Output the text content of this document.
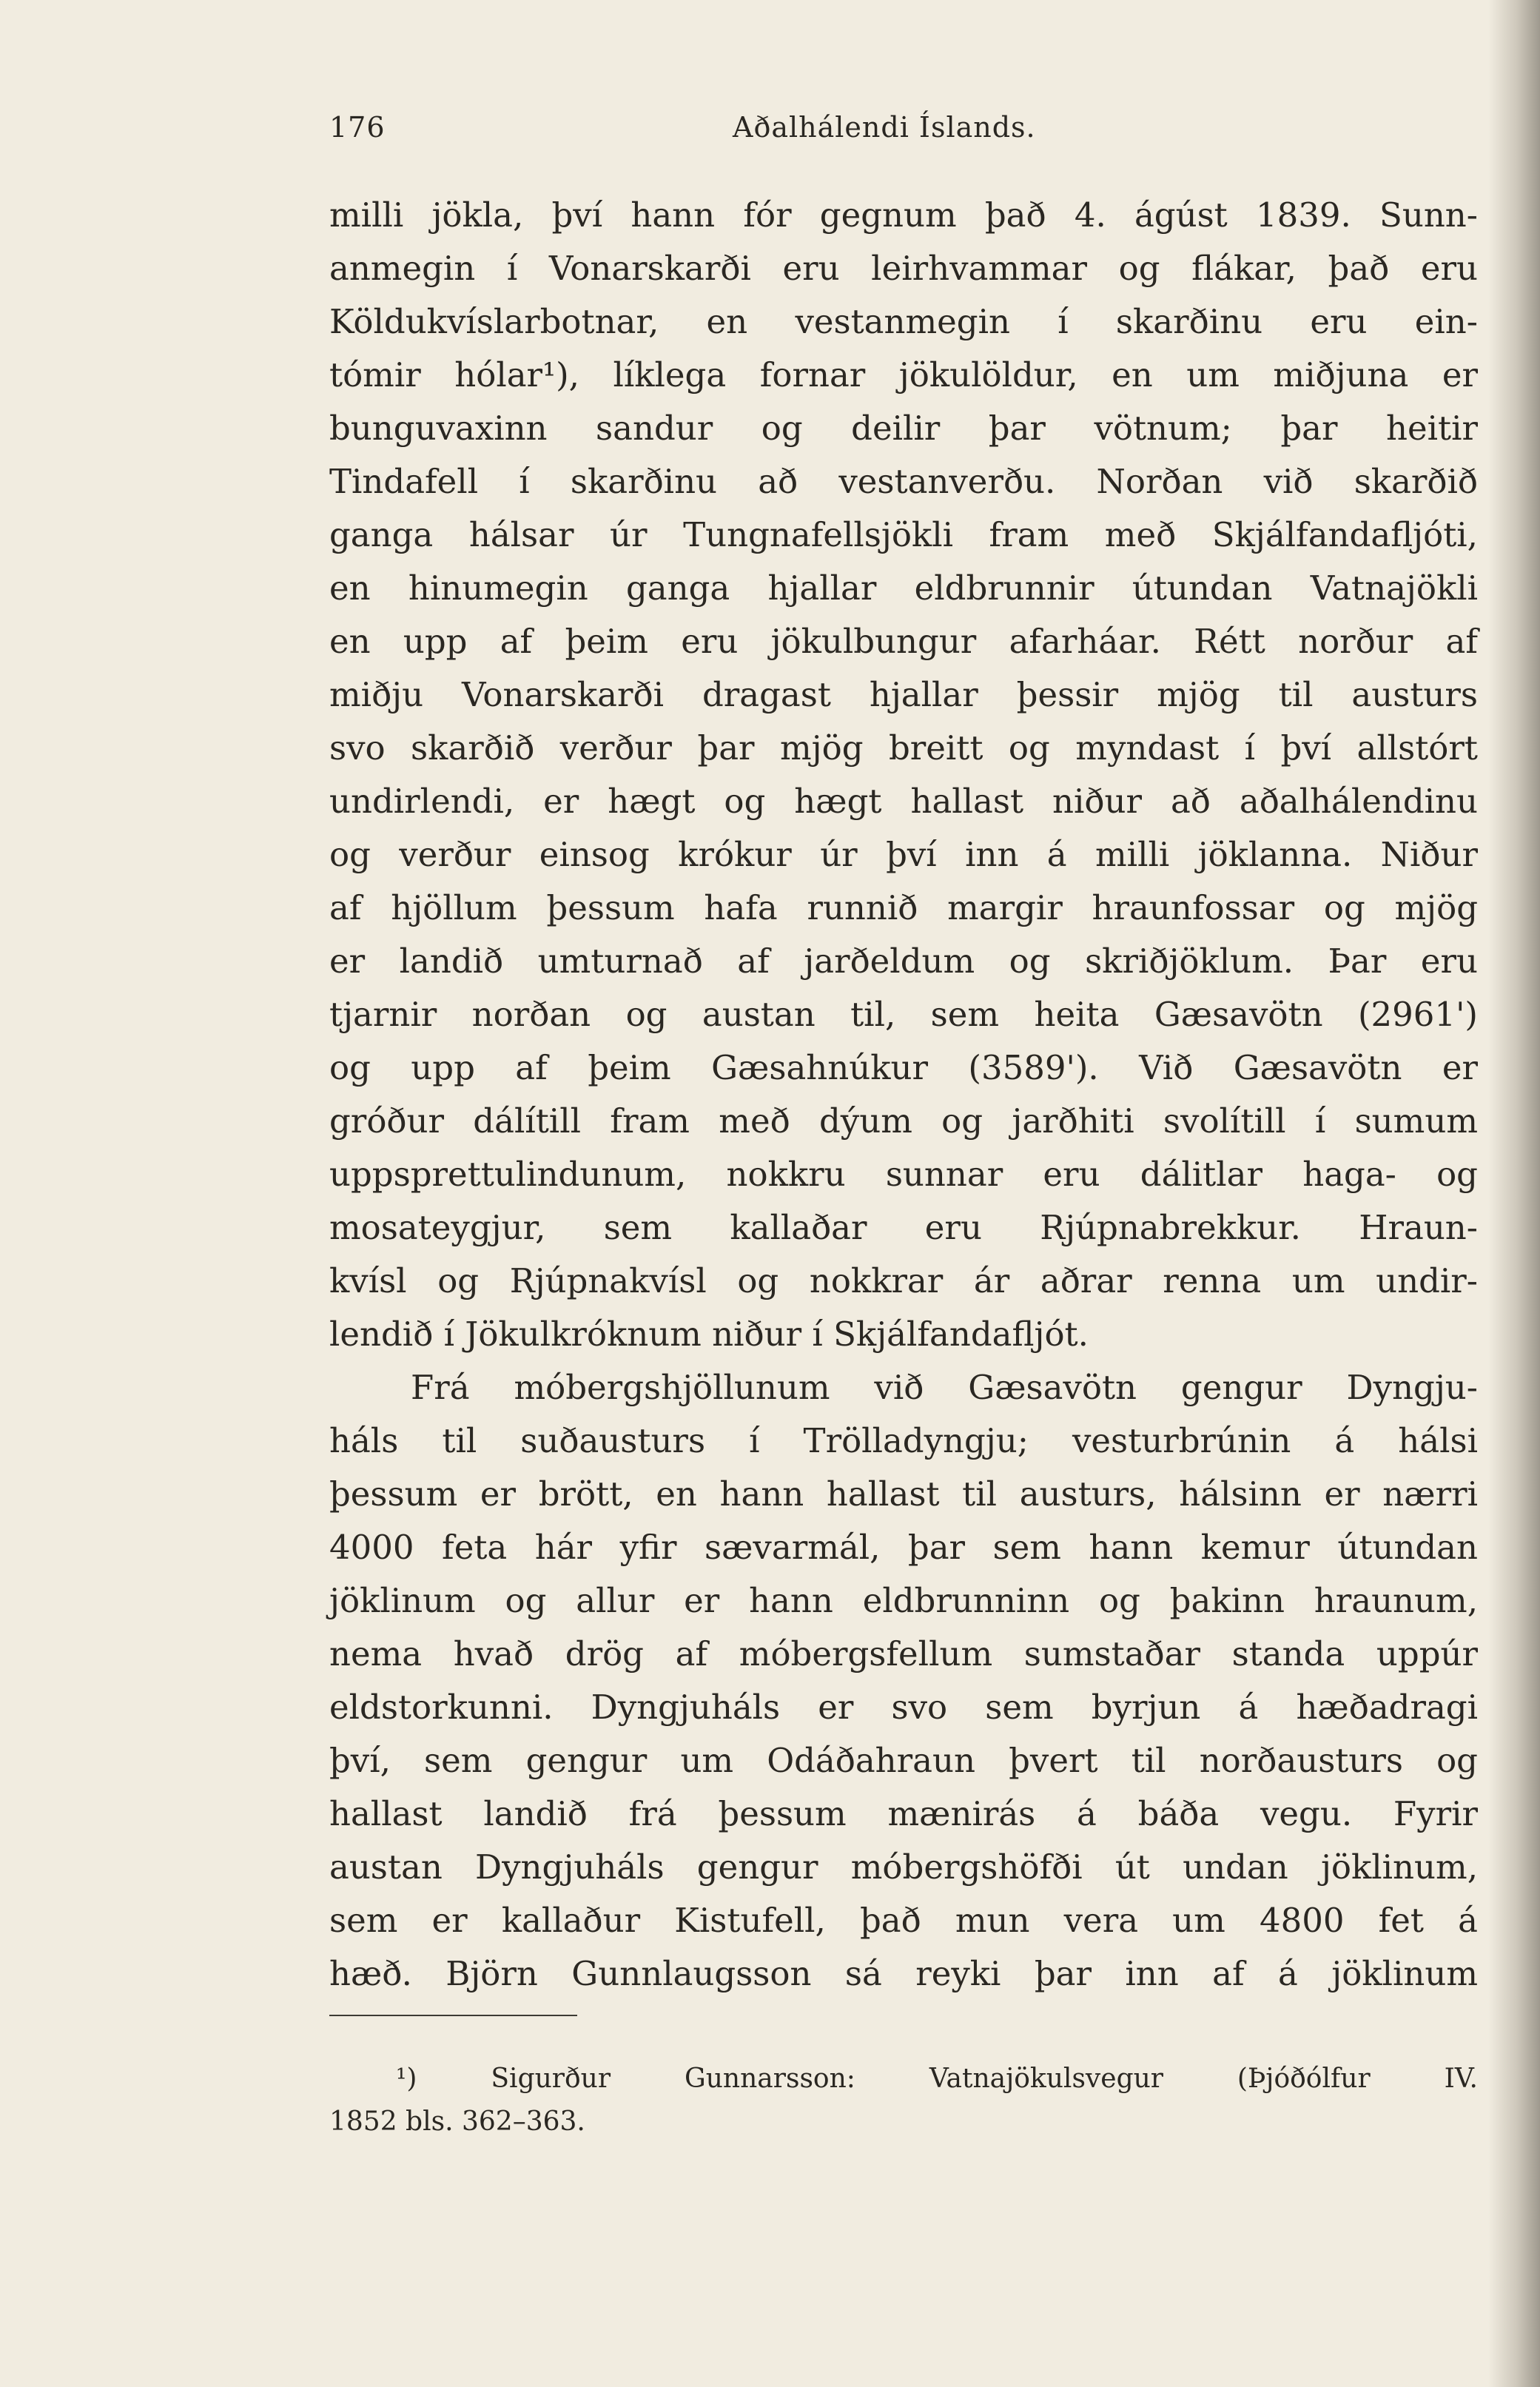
176	Aðalhálendi Íslands.
milli jökla, því hann fór gegnum það 4. ágúst 1839. Sunn-
anmegin í Vonarskarði eru leirhvammar og flákar, það eru
Köldukvíslarbotnar, en vestanmegin í skarðinu eru ein-
tómir hólar¹), líklega fornar jökulöldur, en um miðjuna er
bunguvaxinn sandur og deilir þar vötnum; þar heitir
Tindafell í skarðinu að vestanverðu. Norðan við skarðið
ganga hálsar úr Tungnafellsjökli fram með Skjálfandafljóti,
en hinumegin ganga hjallar eldbrunnir útundan Vatnajökli
en upp af þeim eru jökulbungur afarháar. Rétt norður af
miðju Vonarskarði dragast hjallar þessir mjög til austurs
svo skarðið verður þar mjög breitt og myndast í því allstórt
undirlendi, er hægt og hægt hallast niður að aðalhálendinu
og verður einsog krókur úr því inn á milli jöklanna. Niður
af hjöllum þessum hafa runnið margir hraunfossar og mjög
er landið umturnað af jarðeldum og skriðjöklum. Þar eru
tjarnir norðan og austan til, sem heita Gæsavötn (2961')
og upp af þeim Gæsahnúkur (3589'). Við Gæsavötn er
gróður dálítill fram með dýum og jarðhiti svolítill í sumum
uppsprettulindunum, nokkru sunnar eru dálitlar haga- og
mosateygjur, sem kallaðar eru Rjúpnabrekkur. Hraun-
kvísl og Rjúpnakvísl og nokkrar ár aðrar renna um undir-
lendið í Jökulkróknum niður í Skjálfandafljót.
Frá móbergshjöllunum við Gæsavötn gengur Dyngju-
háls til suðausturs í Trölladyngju; vesturbrúnin á hálsi
þessum er brött, en hann hallast til austurs, hálsinn er nærri
4000 feta hár yfir sævarmál, þar sem hann kemur útundan
jöklinum og allur er hann eldbrunninn og þakinn hraunum,
nema hvað drög af móbergsfellum sumstaðar standa uppúr
eldstorkunni. Dyngjuháls er svo sem byrjun á hæðadragi
því, sem gengur um Odáðahraun þvert til norðausturs og
hallast landið frá þessum mænirás á báða vegu. Fyrir
austan Dyngjuháls gengur móbergshöfði út undan jöklinum,
sem er kallaður Kistufell, það mun vera um 4800 fet á
hæð. Björn Gunnlaugsson sá reyki þar inn af á jöklinum
¹) Sigurður Gunnarsson: Vatnajökulsvegur (Þjóðólfur IV.
1852 bls. 362–363.
